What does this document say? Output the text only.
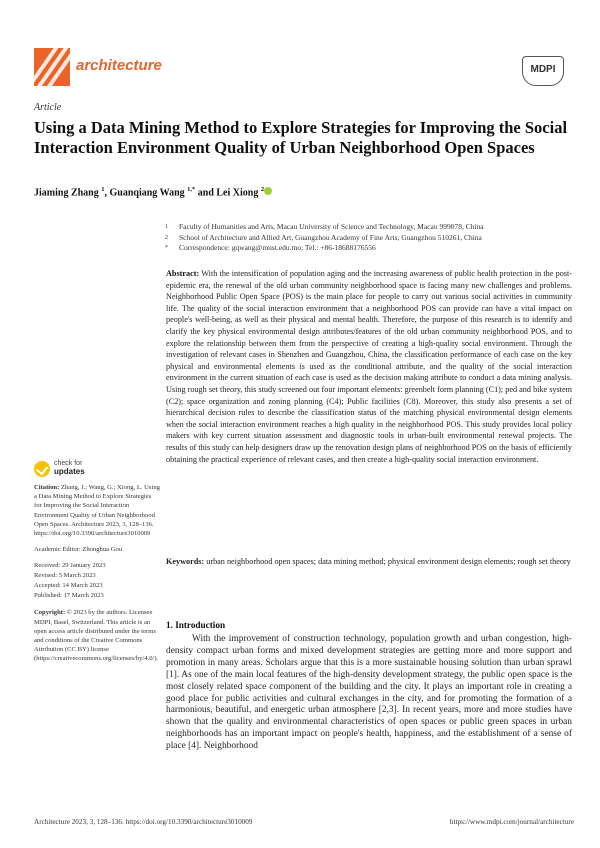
architecture	MDPI
Article
Using a Data Mining Method to Explore Strategies for Improving the Social Interaction Environment Quality of Urban Neighborhood Open Spaces
Jiaming Zhang $^1$, Guanqiang Wang $^{1,*}$ and Lei Xiong $^2$
1 Faculty of Humanities and Arts, Macau University of Science and Technology, Macau 999078, China
2 School of Architecture and Allied Art, Guangzhou Academy of Fine Arts, Guangzhou 510261, China
* Correspondence: gqwang@must.edu.mo; Tel.: +86-18688176556
Abstract: With the intensification of population aging and the increasing awareness of public health protection in the post-epidemic era, the renewal of the old urban community neighborhood space is facing many new challenges and problems. Neighborhood Public Open Space (POS) is the main place for people to carry out various social activities in community life. The quality of the social interaction environment that a neighborhood POS can provide can have a vital impact on people's well-being, as well as their physical and mental health. Therefore, the purpose of this research is to identify and clarify the key physical environmental design attributes/features of the old urban community neighborhood POS, and to explore the relationship between them from the perspective of creating a high-quality social environment. Through the investigation of relevant cases in Shenzhen and Guangzhou, China, the classification performance of each case on the key physical and environmental elements is used as the conditional attribute, and the quality of the social interaction environment in the current situation of each case is used as the decision making attribute to conduct a data mining analysis. Using rough set theory, this study screened out four important elements: greenbelt form planning (C1); ped and bike system (C2); space organization and zoning planning (C4); Public facilities (C8). Moreover, this study also presents a set of hierarchical decision rules to describe the classification status of the matching physical environmental design elements when the social interaction environment reaches a high quality in the neighborhood POS. This study provides local policy makers with key current situation assessment and diagnostic tools in urban-built environmental renewal projects. The results of this study can help designers draw up the renovation design plans of neighborhood POS on the basis of efficiently obtaining the practical experience of relevant cases, and then create a high-quality social interaction environment.
Keywords: urban neighborhood open spaces; data mining method; physical environment design elements; rough set theory
check for
updates
Citation: Zhang, J.; Wang, G.; Xiong, L. Using a Data Mining Method to Explore Strategies for Improving the Social Interaction Environment Quality of Urban Neighborhood Open Spaces. Architecture 2023, 3, 128–136. https://doi.org/10.3390/architecture3010009
Academic Editor: Zhonghua Gou
Received: 29 January 2023
Revised: 5 March 2023
Accepted: 14 March 2023
Published: 17 March 2023
Copyright: © 2023 by the authors. Licensee MDPI, Basel, Switzerland. This article is an open access article distributed under the terms and conditions of the Creative Commons Attribution (CC BY) license (https://creativecommons.org/licenses/by/4.0/).
1. Introduction
With the improvement of construction technology, population growth and urban congestion, high-density compact urban forms and mixed development strategies are getting more and more support and promotion in many areas. Scholars argue that this is a more sustainable housing solution than urban sprawl [1]. As one of the main local features of the high-density development strategy, the public open space is the most closely related space component of the building and the city. It plays an important role in creating a good place for public activities and cultural exchanges in the city, and for promoting the formation of a harmonious, beautiful, and energetic urban atmosphere [2,3]. In recent years, more and more studies have shown that the quality and environmental characteristics of open spaces or public green spaces in urban neighborhoods has an important impact on people's health, happiness, and the establishment of a sense of place [4]. Neighborhood
Architecture 2023, 3, 128–136. https://doi.org/10.3390/architecture3010009	https://www.mdpi.com/journal/architecture
